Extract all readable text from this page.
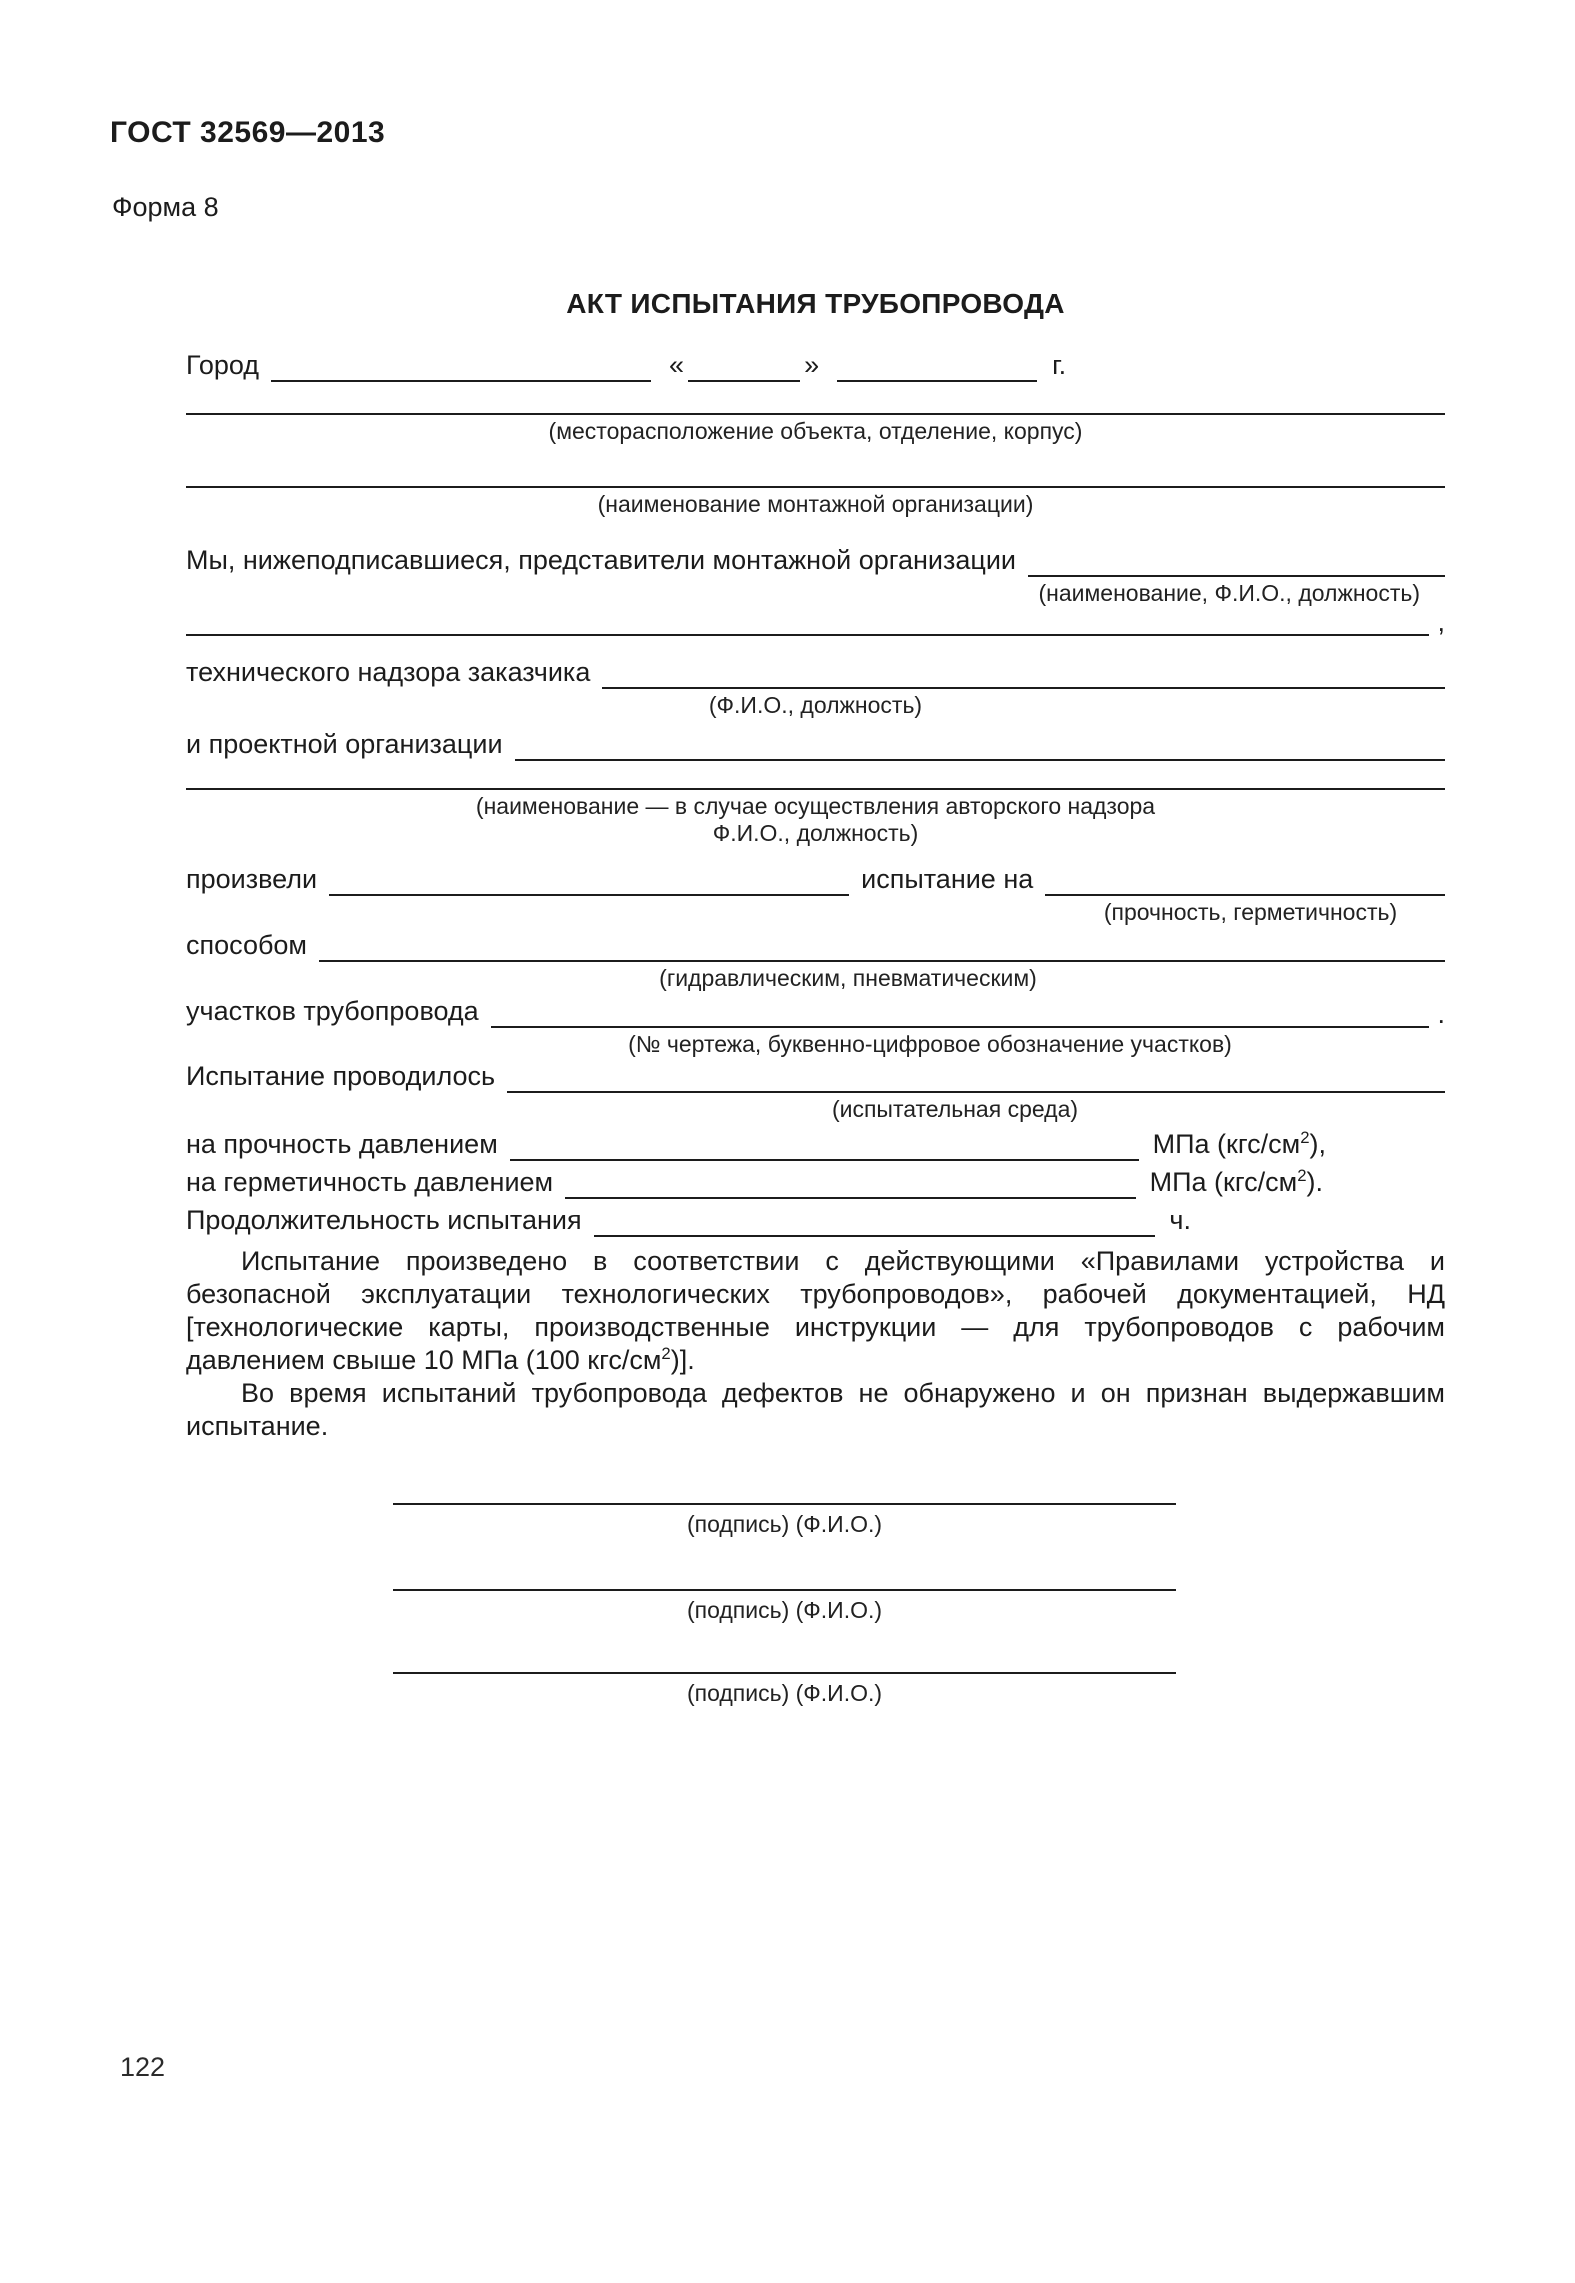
ГОСТ 32569—2013
Форма 8
АКТ ИСПЫТАНИЯ ТРУБОПРОВОДА
Город	«	»	г.
(месторасположение объекта, отделение, корпус)
(наименование монтажной организации)
Мы, нижеподписавшиеся, представители монтажной организации
(наименование, Ф.И.О., должность)
,
технического надзора заказчика
(Ф.И.О., должность)
и проектной организации
(наименование — в случае осуществления авторского надзора
Ф.И.О., должность)
произвели	испытание на
(прочность, герметичность)
способом
(гидравлическим, пневматическим)
участков трубопровода	.
(№ чертежа, буквенно-цифровое обозначение участков)
Испытание проводилось
(испытательная среда)
на прочность давлением	МПа $(кгс/см^2)$,
на герметичность давлением	МПа $(кгс/см^2)$.
Продолжительность испытания	ч.

Испытание произведено в соответствии с действующими «Правилами устройства и безопасной эксплуатации технологических трубопроводов», рабочей документацией, НД [технологические карты, производственные инструкции — для трубопроводов с рабочим давлением свыше 10 МПа (100 кгс/$см^2$)].

Во время испытаний трубопровода дефектов не обнаружено и он признан выдержавшим испытание.

(подпись) (Ф.И.О.)
(подпись) (Ф.И.О.)
(подпись) (Ф.И.О.)
122
